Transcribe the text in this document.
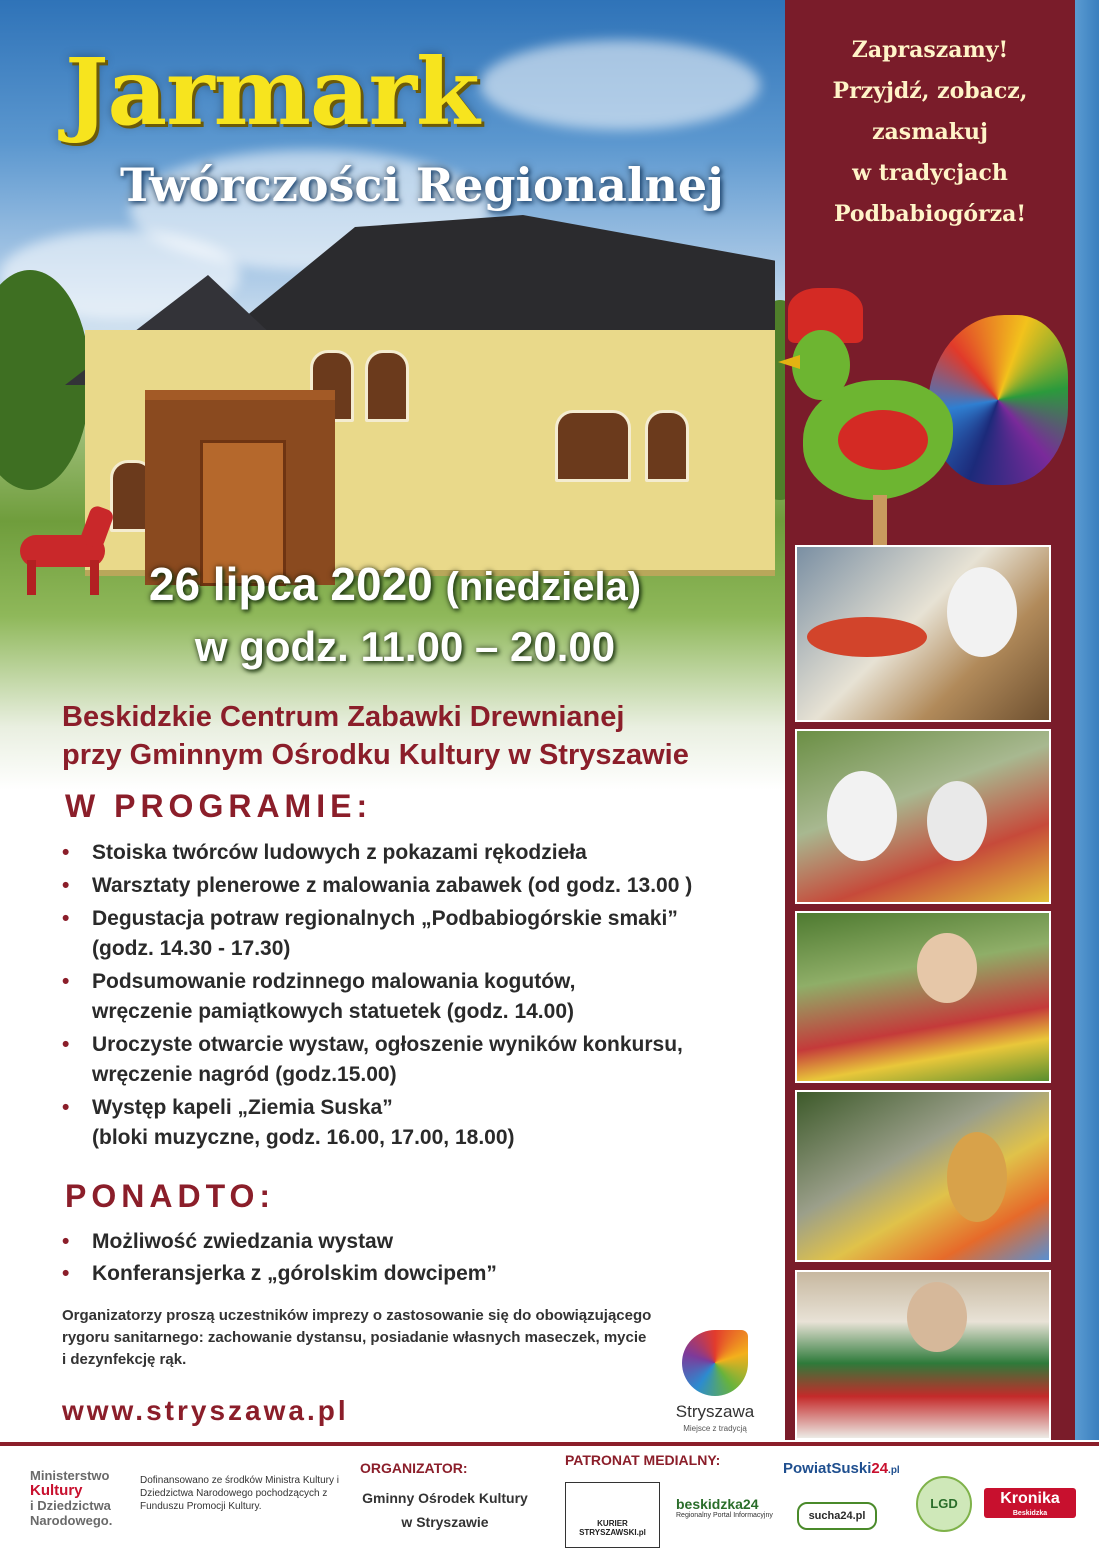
Jarmark
Twórczości Regionalnej
Zapraszamy!
Przyjdź, zobacz,
zasmakuj
w tradycjach
Podbabiogórza!

26 lipca 2020 (niedziela)

w godz. 11.00 – 20.00

Beskidzkie Centrum Zabawki Drewnianej
przy Gminnym Ośrodku Kultury w Stryszawie
W PROGRAMIE:
• Stoiska twórców ludowych z pokazami rękodzieła
• Warsztaty plenerowe z malowania zabawek (od godz. 13.00 )
• Degustacja potraw regionalnych „Podbabiogórskie smaki”
(godz. 14.30 - 17.30)
• Podsumowanie rodzinnego malowania kogutów,
wręczenie pamiątkowych statuetek (godz. 14.00)
• Uroczyste otwarcie wystaw, ogłoszenie wyników konkursu,
wręczenie nagród (godz.15.00)
• Występ kapeli „Ziemia Suska”
(bloki muzyczne, godz. 16.00, 17.00, 18.00)
PONADTO:
• Możliwość zwiedzania wystaw
• Konferansjerka z „górolskim dowcipem”

Organizatorzy proszą uczestników imprezy o zastosowanie się do obowiązującego rygoru sanitarnego: zachowanie dystansu, posiadanie własnych maseczek, mycie i dezynfekcję rąk.

www.stryszawa.pl	Stryszawa
Miejsce z tradycją
Ministerstwo
Kultury
i Dziedzictwa
Narodowego.
Dofinansowano ze środków Ministra Kultury i Dziedzictwa Narodowego pochodzących z Funduszu Promocji Kultury.
ORGANIZATOR:
Gminny Ośrodek Kultury
w Stryszawie
PATRONAT MEDIALNY:
KURIER STRYSZAWSKI.pl
beskidzka24
Regionalny Portal Informacyjny
PowiatSuski24.pl
sucha24.pl
LGD	Kronika
Beskidzka
